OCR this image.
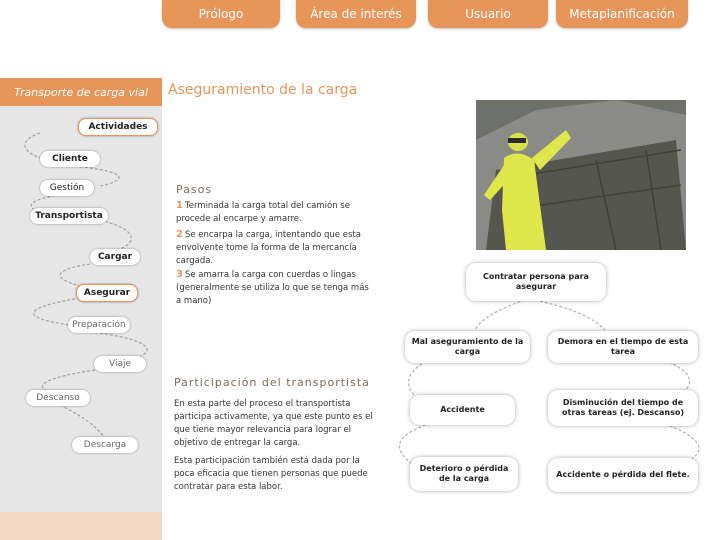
Prólogo	Área de interés	Usuario	Metaplanificación
Transporte de carga vial
Actividades
Cliente
Gestión
Transportista
Cargar
Asegurar
Preparación
Viaje
Descanso
Descarga
Aseguramiento de la carga
Pasos
1 Terminada la carga total del camión se procede al encarpe y amarre.
2 Se encarpa la carga, intentando que esta envolvente tome la forma de la mercancía cargada.
3 Se amarra la carga con cuerdas o lingas (generalmente se utiliza lo que se tenga más a mano)
Participación del transportista
En esta parte del proceso el transportista participa activamente, ya que este punto es el que tiene mayor relevancia para lograr el objetivo de entregar la carga.
Esta participación también está dada por la poca eficacia que tienen personas que puede contratar para esta labor.
Contratar persona para asegurar
Mal aseguramiento de la carga
Demora en el tiempo de esta tarea
Accidente
Disminución del tiempo de otras tareas (ej. Descanso)
Deterioro o pérdida de la carga	Accidente o pérdida del flete.
